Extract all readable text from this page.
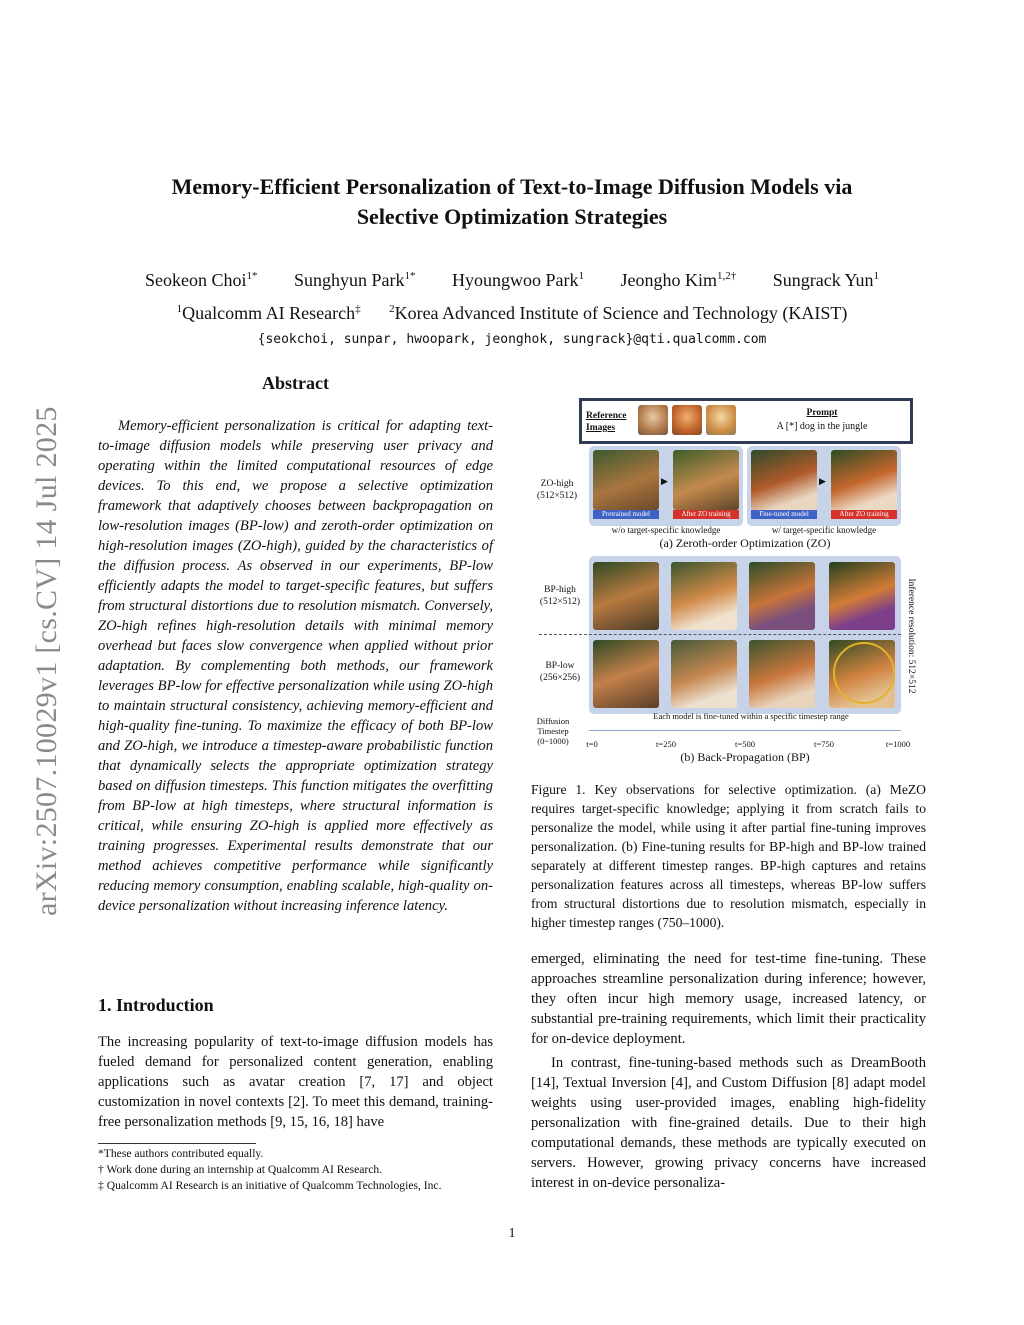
Memory-Efficient Personalization of Text-to-Image Diffusion Models via
Selective Optimization Strategies
Seokeon Choi$^{1*}$ Sunghyun Park$^{1*}$ Hyoungwoo Park$^1$ Jeongho Kim$^{1,2\dagger}$ Sungrack Yun$^1$
$^1$Qualcomm AI Research‡	$^2$Korea Advanced Institute of Science and Technology (KAIST)
{seokchoi, sunpar, hwoopark, jeonghok, sungrack}@qti.qualcomm.com
arXiv:2507.10029v1 [cs.CV] 14 Jul 2025
Abstract
Memory-efficient personalization is critical for adapting text-to-image diffusion models while preserving user privacy and operating within the limited computational resources of edge devices. To this end, we propose a selective optimization framework that adaptively chooses between backpropagation on low-resolution images (BP-low) and zeroth-order optimization on high-resolution images (ZO-high), guided by the characteristics of the diffusion process. As observed in our experiments, BP-low efficiently adapts the model to target-specific features, but suffers from structural distortions due to resolution mismatch. Conversely, ZO-high refines high-resolution details with minimal memory overhead but faces slow convergence when applied without prior adaptation. By complementing both methods, our framework leverages BP-low for effective personalization while using ZO-high to maintain structural consistency, achieving memory-efficient and high-quality fine-tuning. To maximize the efficacy of both BP-low and ZO-high, we introduce a timestep-aware probabilistic function that dynamically selects the appropriate optimization strategy based on diffusion timesteps. This function mitigates the overfitting from BP-low at high timesteps, where structural information is critical, while ensuring ZO-high is applied more effectively as training progresses. Experimental results demonstrate that our method achieves competitive performance while significantly reducing memory consumption, enabling scalable, high-quality on-device personalization without increasing inference latency.
1. Introduction
The increasing popularity of text-to-image diffusion models has fueled demand for personalized content generation, enabling applications such as avatar creation [7, 17] and object customization in novel contexts [2]. To meet this demand, training-free personalization methods [9, 15, 16, 18] have
*These authors contributed equally.
† Work done during an internship at Qualcomm AI Research.
‡ Qualcomm AI Research is an initiative of Qualcomm Technologies, Inc.
Reference Images
Prompt
A [*] dog in the jungle
ZO-high (512×512)
▶	▶
Pretrained model	After ZO training	Fine-tuned model	After ZO training
w/o target-specific knowledge	w/ target-specific knowledge
(a) Zeroth-order Optimization (ZO)
BP-high (512×512)
BP-low (256×256)	Inference resolution: 512×512
Diffusion Timestep (0~1000)
Each model is fine-tuned within a specific timestep range
t=0	t=250	t=500	t=750	t=1000
(b) Back-Propagation (BP)
Figure 1. Key observations for selective optimization. (a) MeZO requires target-specific knowledge; applying it from scratch fails to personalize the model, while using it after partial fine-tuning improves personalization. (b) Fine-tuning results for BP-high and BP-low trained separately at different timestep ranges. BP-high captures and retains personalization features across all timesteps, whereas BP-low suffers from structural distortions due to resolution mismatch, especially in higher timestep ranges (750–1000).

emerged, eliminating the need for test-time fine-tuning. These approaches streamline personalization during inference; however, they often incur high memory usage, increased latency, or substantial pre-training requirements, which limit their practicality for on-device deployment.

In contrast, fine-tuning-based methods such as DreamBooth [14], Textual Inversion [4], and Custom Diffusion [8] adapt model weights using user-provided images, enabling high-fidelity personalization with fine-grained details. Due to their high computational demands, these methods are typically executed on servers. However, growing privacy concerns have increased interest in on-device personaliza-

1
